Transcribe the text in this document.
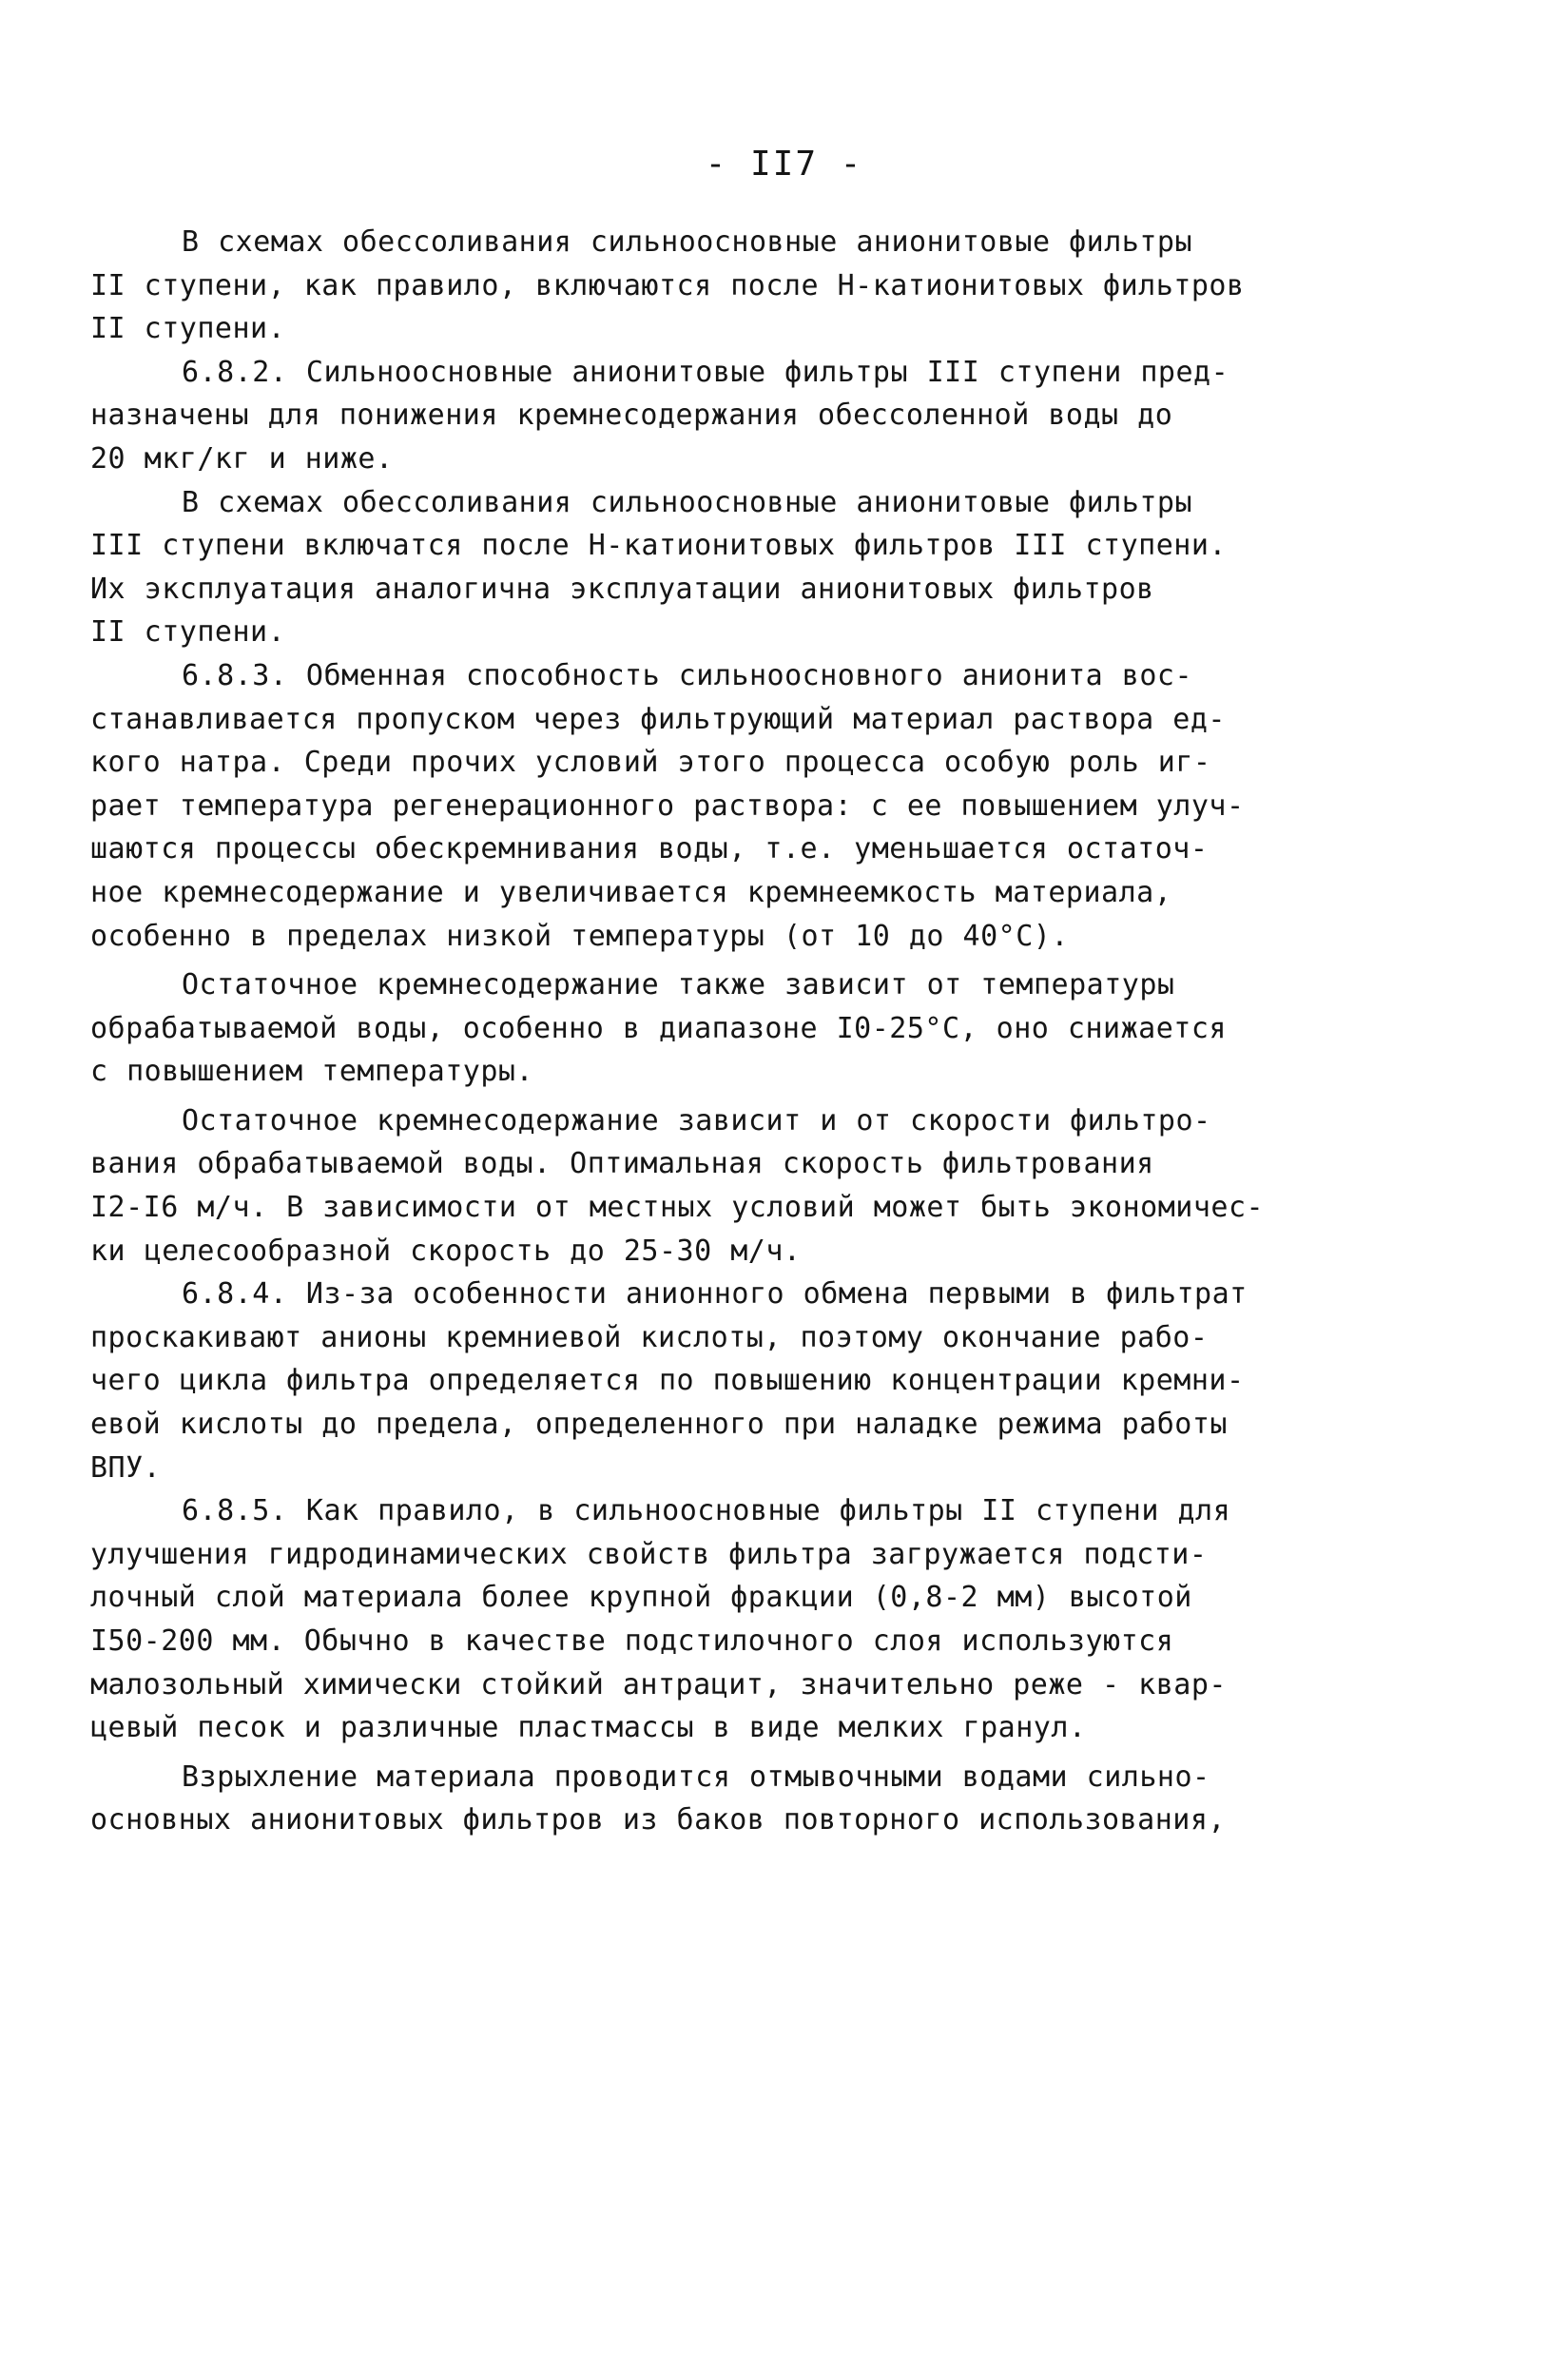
- II7 -
В схемах обессоливания сильноосновные анионитовые фильтры
II ступени, как правило, включаются после Н-катионитовых фильтров
II ступени.
6.8.2. Сильноосновные анионитовые фильтры III ступени пред-
назначены для понижения кремнесодержания обессоленной воды до
20 мкг/кг и ниже.
В схемах обессоливания сильноосновные анионитовые фильтры
III ступени включатся после Н-катионитовых фильтров III ступени.
Их эксплуатация аналогична эксплуатации анионитовых фильтров
II ступени.
6.8.3. Обменная способность сильноосновного анионита вос-
станавливается пропуском через фильтрующий материал раствора ед-
кого натра. Среди прочих условий этого процесса особую роль иг-
рает температура регенерационного раствора: с ее повышением улуч-
шаются процессы обескремнивания воды, т.е. уменьшается остаточ-
ное кремнесодержание и увеличивается кремнеемкость материала,
особенно в пределах низкой температуры (от 10 до 40°С).
Остаточное кремнесодержание также зависит от температуры
обрабатываемой воды, особенно в диапазоне I0-25°С, оно снижается
с повышением температуры.
Остаточное кремнесодержание зависит и от скорости фильтро-
вания обрабатываемой воды. Оптимальная скорость фильтрования
I2-I6 м/ч. В зависимости от местных условий может быть экономичес-
ки целесообразной скорость до 25-30 м/ч.
6.8.4. Из-за особенности анионного обмена первыми в фильтрат
проскакивают анионы кремниевой кислоты, поэтому окончание рабо-
чего цикла фильтра определяется по повышению концентрации кремни-
евой кислоты до предела, определенного при наладке режима работы
ВПУ.
6.8.5. Как правило, в сильноосновные фильтры II ступени для
улучшения гидродинамических свойств фильтра загружается подсти-
лочный слой материала более крупной фракции (0,8-2 мм) высотой
I50-200 мм. Обычно в качестве подстилочного слоя используются
малозольный химически стойкий антрацит, значительно реже - квар-
цевый песок и различные пластмассы в виде мелких гранул.
Взрыхление материала проводится отмывочными водами сильно-
основных анионитовых фильтров из баков повторного использования,
